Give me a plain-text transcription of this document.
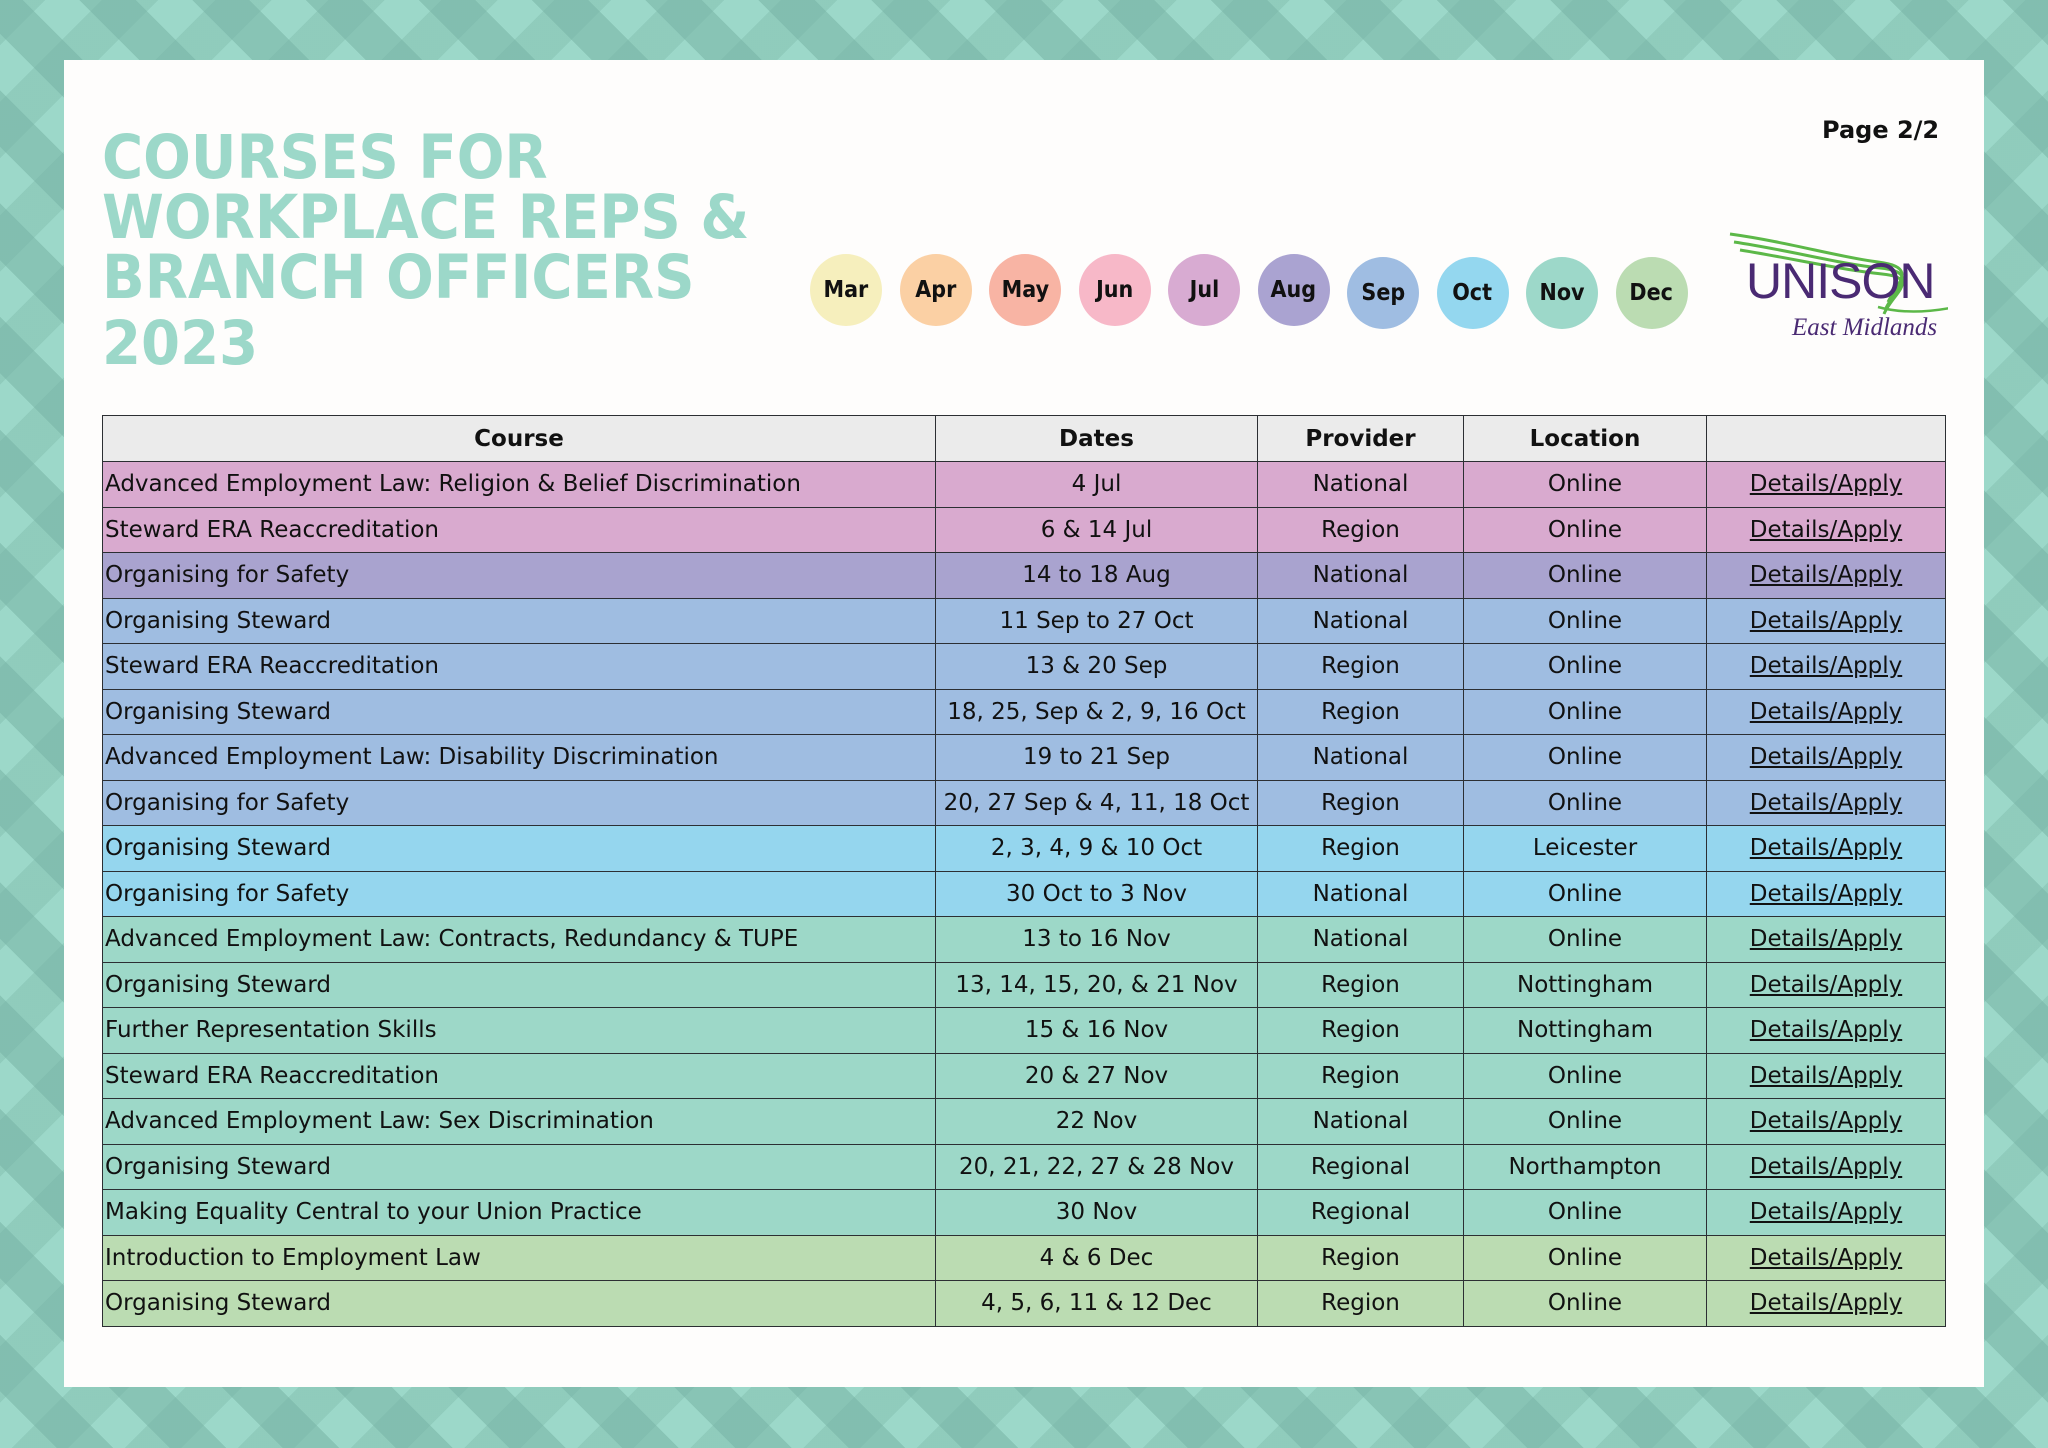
COURSES FOR
WORKPLACE REPS &
BRANCH OFFICERS
2023
Page 2/2
Mar Apr May Jun Jul Aug Sep Oct Nov Dec UNISON
East Midlands
Course	Dates	Provider	Location	
Advanced Employment Law: Religion & Belief Discrimination	4 Jul	National	Online	Details/Apply
Steward ERA Reaccreditation	6 & 14 Jul	Region	Online	Details/Apply
Organising for Safety	14 to 18 Aug	National	Online	Details/Apply
Organising Steward	11 Sep to 27 Oct	National	Online	Details/Apply
Steward ERA Reaccreditation	13 & 20 Sep	Region	Online	Details/Apply
Organising Steward	18, 25, Sep & 2, 9, 16 Oct	Region	Online	Details/Apply
Advanced Employment Law: Disability Discrimination	19 to 21 Sep	National	Online	Details/Apply
Organising for Safety	20, 27 Sep & 4, 11, 18 Oct	Region	Online	Details/Apply
Organising Steward	2, 3, 4, 9 & 10 Oct	Region	Leicester	Details/Apply
Organising for Safety	30 Oct to 3 Nov	National	Online	Details/Apply
Advanced Employment Law: Contracts, Redundancy & TUPE	13 to 16 Nov	National	Online	Details/Apply
Organising Steward	13, 14, 15, 20, & 21 Nov	Region	Nottingham	Details/Apply
Further Representation Skills	15 & 16 Nov	Region	Nottingham	Details/Apply
Steward ERA Reaccreditation	20 & 27 Nov	Region	Online	Details/Apply
Advanced Employment Law: Sex Discrimination	22 Nov	National	Online	Details/Apply
Organising Steward	20, 21, 22, 27 & 28 Nov	Regional	Northampton	Details/Apply
Making Equality Central to your Union Practice	30 Nov	Regional	Online	Details/Apply
Introduction to Employment Law	4 & 6 Dec	Region	Online	Details/Apply
Organising Steward	4, 5, 6, 11 & 12 Dec	Region	Online	Details/Apply
